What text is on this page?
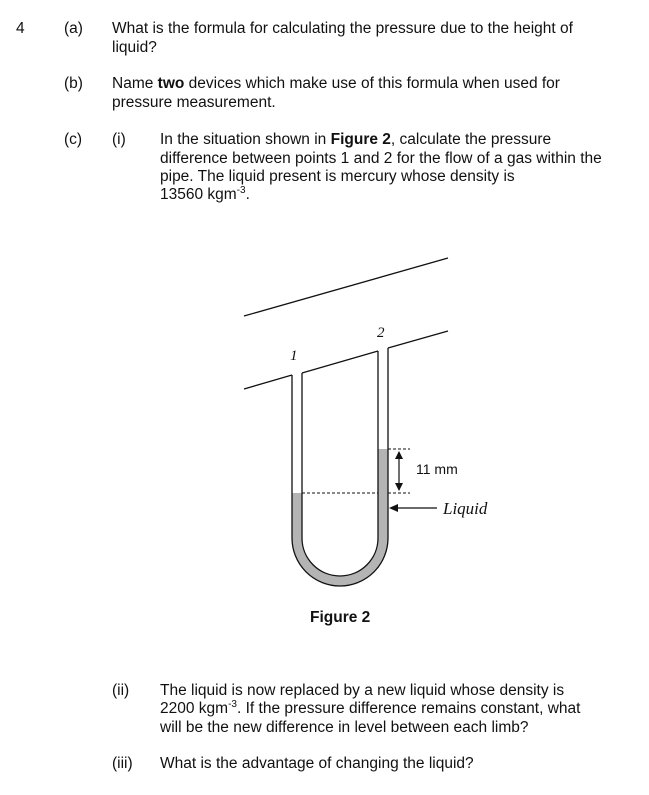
4	(a) What is the formula for calculating the pressure due to the height of
liquid?
(b) Name two devices which make use of this formula when used for
pressure measurement.
(c) (i) In the situation shown in Figure 2, calculate the pressure
difference between points 1 and 2 for the flow of a gas within the
pipe. The liquid present is mercury whose density is
13560 kgm$^{-3}$.
1
2
11 mm
Liquid
Figure 2
(ii) The liquid is now replaced by a new liquid whose density is
2200 kgm$^{-3}$. If the pressure difference remains constant, what
will be the new difference in level between each limb?
(iii) What is the advantage of changing the liquid?
